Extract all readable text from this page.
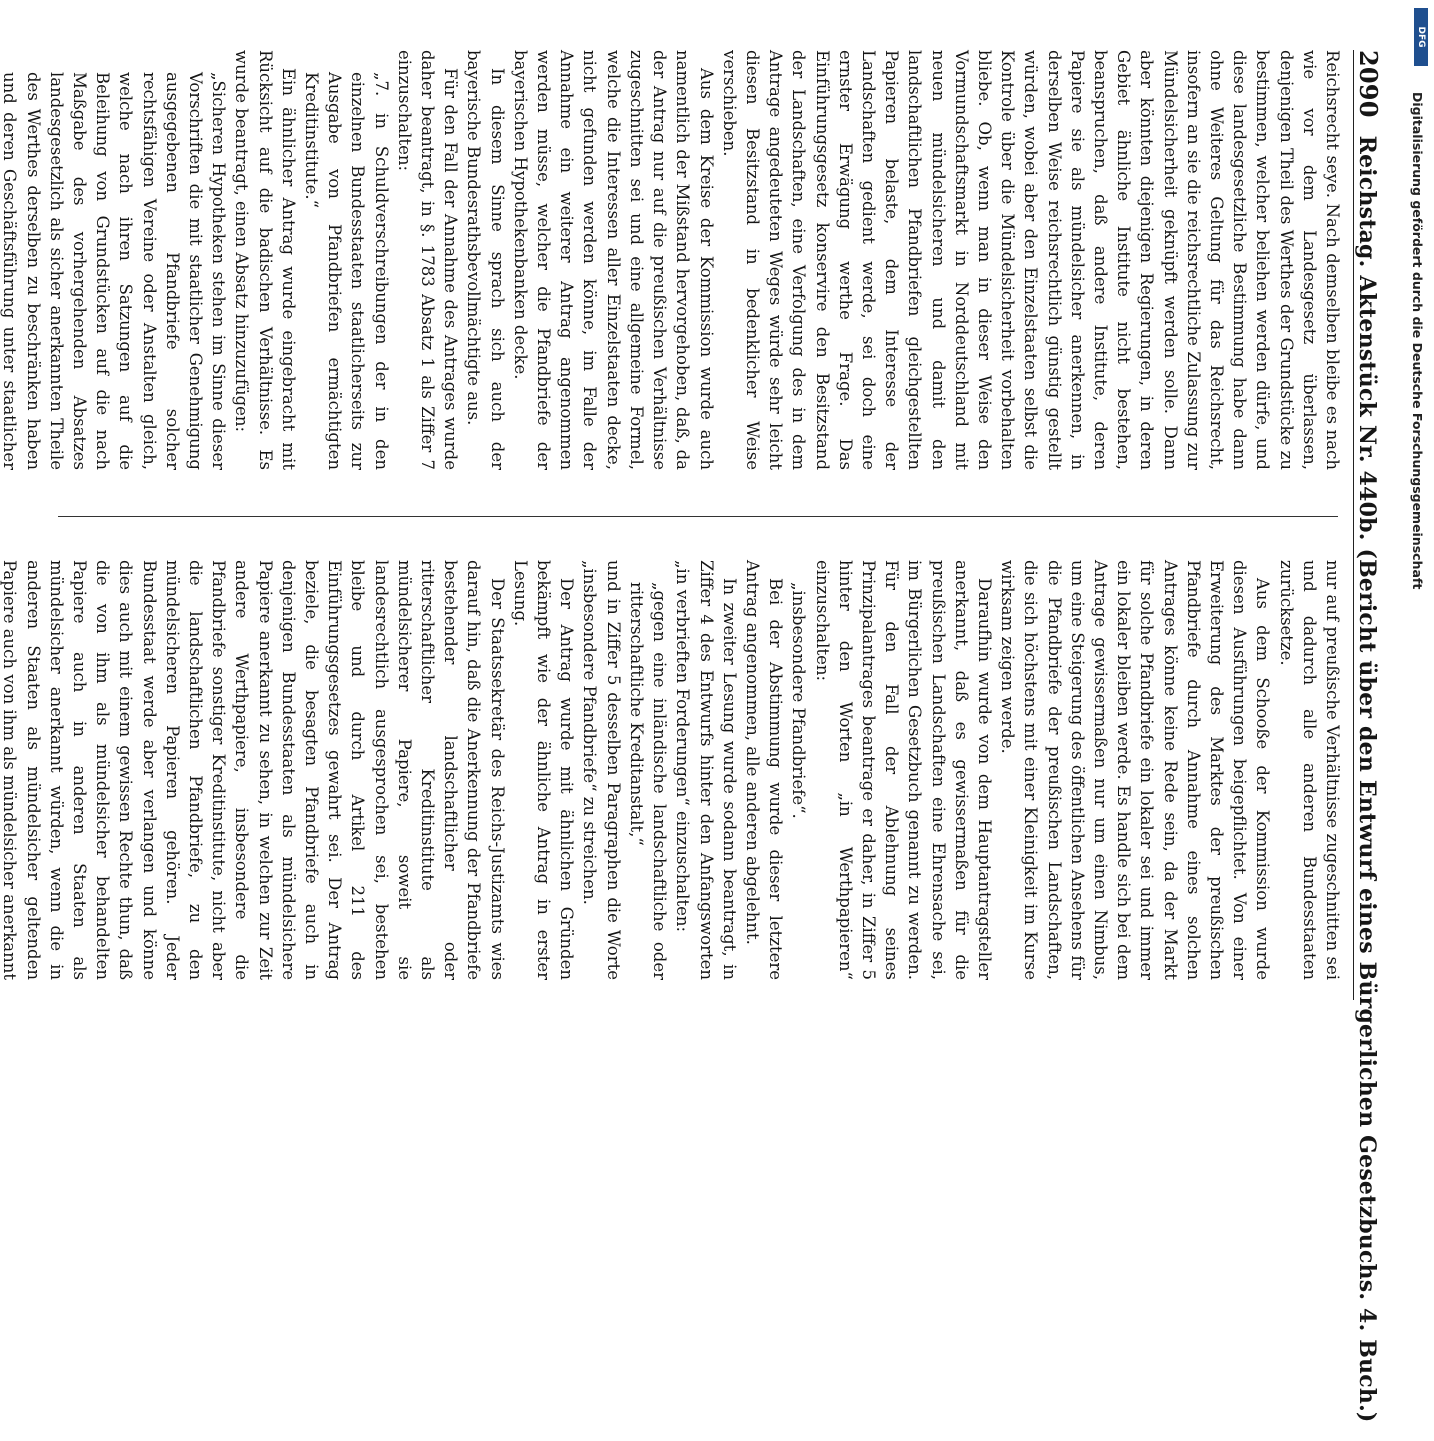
2090
Reichstag. Aktenstück Nr. 440b. (Bericht über den Entwurf eines Bürgerlichen Gesetzbuchs. 4. Buch.)

Reichsrecht seye. Nach demselben bleibe es nach wie vor dem Landesgesetz überlassen, denjenigen Theil des Werthes der Grundstücke zu bestimmen, welcher beliehen werden dürfe, und diese landesgesetzliche Bestimmung habe dann ohne Weiteres Geltung für das Reichsrecht, insofern an sie die reichsrechtliche Zulassung zur Mündelsicherheit geknüpft werden solle. Dann aber könnten diejenigen Regierungen, in deren Gebiet ähnliche Institute nicht bestehen, beanspruchen, daß andere Institute, deren Papiere sie als mündelsicher anerkennen, in derselben Weise reichsrechtlich günstig gestellt würden, wobei aber den Einzelstaaten selbst die Kontrole über die Mündelsicherheit vorbehalten bliebe. Ob, wenn man in dieser Weise den Vormundschaftsmarkt in Norddeutschland mit neuen mündelsicheren und damit den landschaftlichen Pfandbriefen gleichgestellten Papieren belaste, dem Interesse der Landschaften gedient werde, sei doch eine ernster Erwägung werthe Frage. Das Einführungsgesetz konservire den Besitzstand der Landschaften, eine Verfolgung des in dem Antrage angedeuteten Weges würde sehr leicht diesen Besitzstand in bedenklicher Weise verschieben.

Aus dem Kreise der Kommission wurde auch namentlich der Mißstand hervorgehoben, daß, da der Antrag nur auf die preußischen Verhältnisse zugeschnitten sei und eine allgemeine Formel, welche die Interessen aller Einzelstaaten decke, nicht gefunden werden könne, im Falle der Annahme ein weiterer Antrag angenommen werden müsse, welcher die Pfandbriefe der bayerischen Hypothekenbanken decke.

In diesem Sinne sprach sich auch der bayerische Bundesrathsbevollmächtigte aus.

Für den Fall der Annahme des Antrages wurde daher beantragt, in §. 1783 Absatz 1 als Ziffer 7 einzuschalten:

„7. in Schuldverschreibungen der in den einzelnen Bundesstaaten staatlicherseits zur Ausgabe von Pfandbriefen ermächtigten Kreditinstitute.“

Ein ähnlicher Antrag wurde eingebracht mit Rücksicht auf die badischen Verhältnisse. Es wurde beantragt, einen Absatz hinzuzufügen:

„Sicheren Hypotheken stehen im Sinne dieser Vorschriften die mit staatlicher Genehmigung ausgegebenen Pfandbriefe solcher rechtsfähigen Vereine oder Anstalten gleich, welche nach ihren Satzungen auf die Beleihung von Grundstücken auf die nach Maßgabe des vorhergehenden Absatzes landesgesetzlich als sicher anerkannten Theile des Werthes derselben zu beschränken haben und deren Geschäftsführung unter staatlicher

nur auf preußische Verhältnisse zugeschnitten sei und dadurch alle anderen Bundesstaaten zurücksetze.

Aus dem Schooße der Kommission wurde diesen Ausführungen beigepflichtet. Von einer Erweiterung des Marktes der preußischen Pfandbriefe durch Annahme eines solchen Antrages könne keine Rede sein, da der Markt für solche Pfandbriefe ein lokaler sei und immer ein lokaler bleiben werde. Es handle sich bei dem Antrage gewissermaßen nur um einen Nimbus, um eine Steigerung des öffentlichen Ansehens für die Pfandbriefe der preußischen Landschaften, die sich höchstens mit einer Kleinigkeit im Kurse wirksam zeigen werde.

Daraufhin wurde von dem Hauptantragsteller anerkannt, daß es gewissermaßen für die preußischen Landschaften eine Ehrensache sei, im Bürgerlichen Gesetzbuch genannt zu werden. Für den Fall der Ablehnung seines Prinzipalantrages beantrage er daher, in Ziffer 5 hinter den Worten „in Werthpapieren“ einzuschalten:

„insbesondere Pfandbriefe“.

Bei der Abstimmung wurde dieser letztere Antrag angenommen, alle anderen abgelehnt.

In zweiter Lesung wurde sodann beantragt, in Ziffer 4 des Entwurfs hinter den Anfangsworten „in verbrieften Forderungen“ einzuschalten:

„gegen eine inländische landschaftliche oder ritterschaftliche Kreditanstalt,“

und in Ziffer 5 desselben Paragraphen die Worte „insbesondere Pfandbriefe“ zu streichen.

Der Antrag wurde mit ähnlichen Gründen bekämpft wie der ähnliche Antrag in erster Lesung.

Der Staatssekretär des Reichs-Justizamts wies darauf hin, daß die Anerkennung der Pfandbriefe bestehender landschaftlicher oder ritterschaftlicher Kreditinstitute als mündelsicherer Papiere, soweit sie landesrechtlich ausgesprochen sei, bestehen bleibe und durch Artikel 211 des Einführungsgesetzes gewahrt sei. Der Antrag beziele, die besagten Pfandbriefe auch in denjenigen Bundesstaaten als mündelsichere Papiere anerkannt zu sehen, in welchen zur Zeit andere Werthpapiere, insbesondere die Pfandbriefe sonstiger Kreditinstitute, nicht aber die landschaftlichen Pfandbriefe, zu den mündelsicheren Papieren gehören. Jeder Bundesstaat werde aber verlangen und könne dies auch mit einem gewissen Rechte thun, daß die von ihm als mündelsicher behandelten Papiere auch in anderen Staaten als mündelsicher anerkannt würden, wenn die in anderen Staaten als mündelsicher geltenden Papiere auch von ihm als mündelsicher anerkannt

DFG
Digitalisierung gefördert durch die Deutsche Forschungsgemeinschaft
